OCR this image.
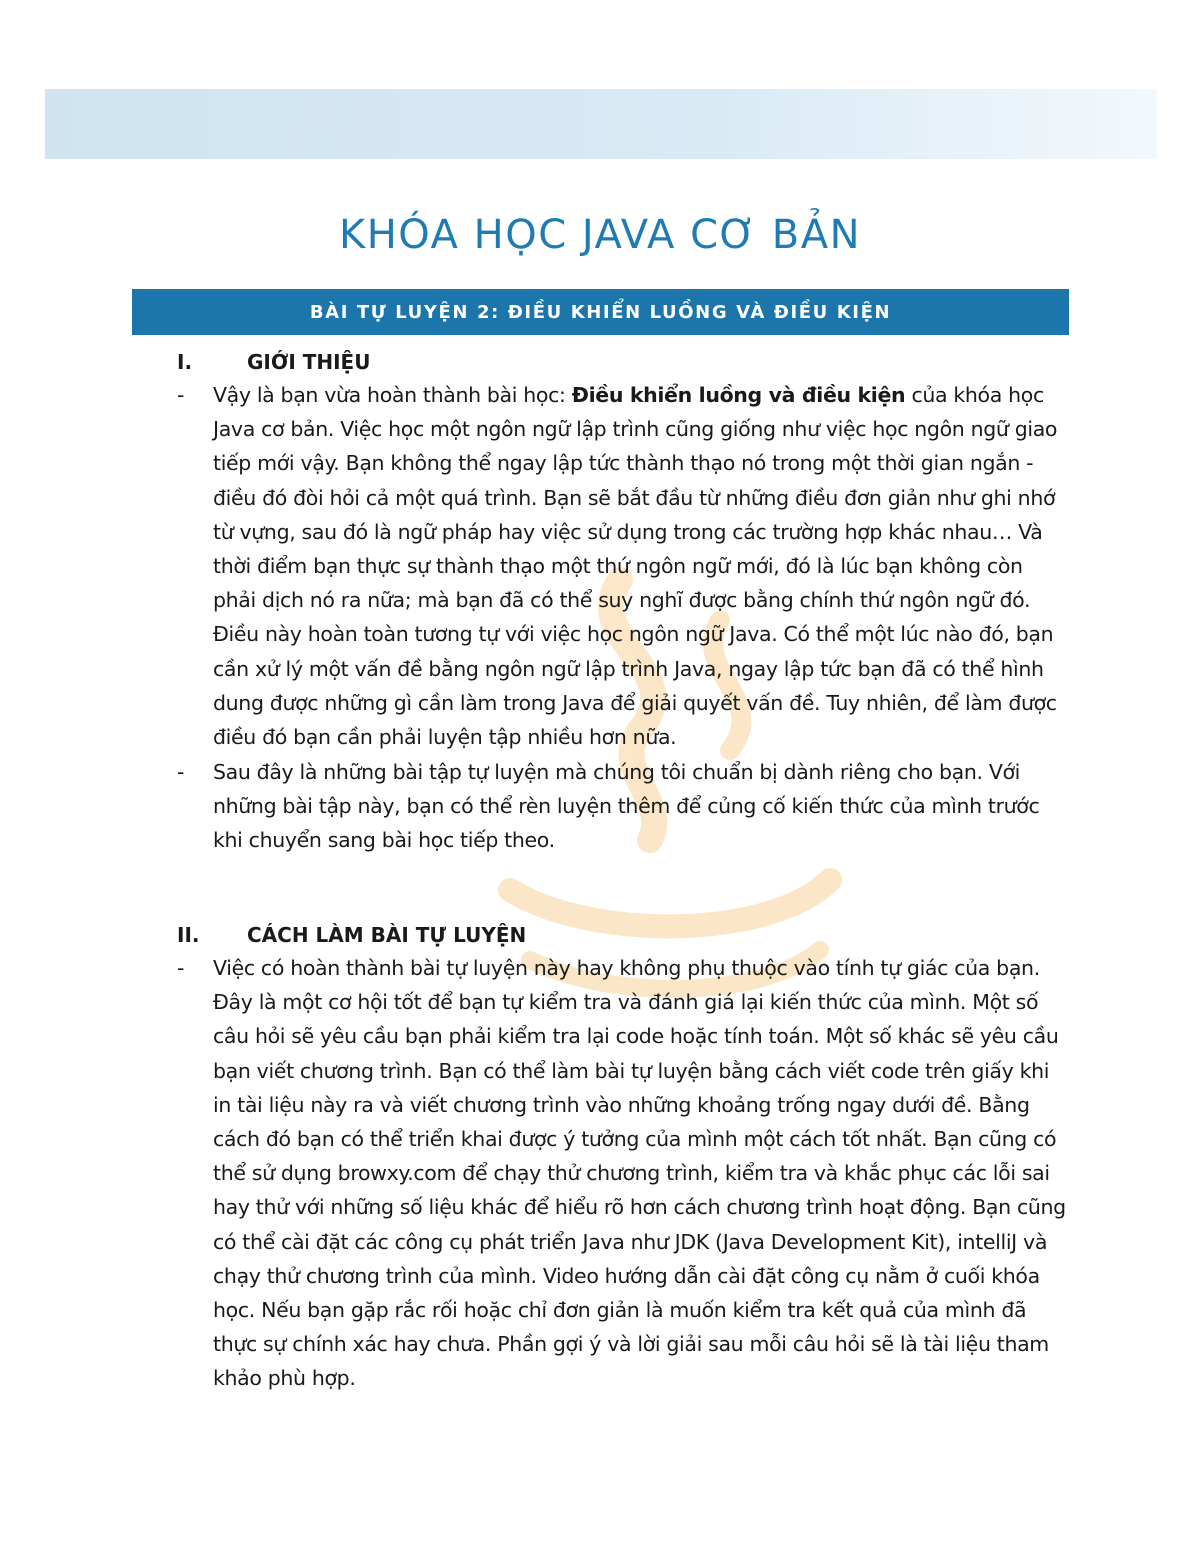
KHÓA HỌC JAVA CƠ BẢN
BÀI TỰ LUYỆN 2: ĐIỀU KHIỂN LUỒNG VÀ ĐIỀU KIỆN
I.	GIỚI THIỆU
- Vậy là bạn vừa hoàn thành bài học: Điều khiển luồng và điều kiện của khóa học Java cơ bản. Việc học một ngôn ngữ lập trình cũng giống như việc học ngôn ngữ giao tiếp mới vậy. Bạn không thể ngay lập tức thành thạo nó trong một thời gian ngắn - điều đó đòi hỏi cả một quá trình. Bạn sẽ bắt đầu từ những điều đơn giản như ghi nhớ từ vựng, sau đó là ngữ pháp hay việc sử dụng trong các trường hợp khác nhau… Và thời điểm bạn thực sự thành thạo một thứ ngôn ngữ mới, đó là lúc bạn không còn phải dịch nó ra nữa; mà bạn đã có thể suy nghĩ được bằng chính thứ ngôn ngữ đó. Điều này hoàn toàn tương tự với việc học ngôn ngữ Java. Có thể một lúc nào đó, bạn cần xử lý một vấn đề bằng ngôn ngữ lập trình Java, ngay lập tức bạn đã có thể hình dung được những gì cần làm trong Java để giải quyết vấn đề. Tuy nhiên, để làm được điều đó bạn cần phải luyện tập nhiều hơn nữa.
- Sau đây là những bài tập tự luyện mà chúng tôi chuẩn bị dành riêng cho bạn. Với những bài tập này, bạn có thể rèn luyện thêm để củng cố kiến thức của mình trước khi chuyển sang bài học tiếp theo.
II. CÁCH LÀM BÀI TỰ LUYỆN
- Việc có hoàn thành bài tự luyện này hay không phụ thuộc vào tính tự giác của bạn. Đây là một cơ hội tốt để bạn tự kiểm tra và đánh giá lại kiến thức của mình. Một số câu hỏi sẽ yêu cầu bạn phải kiểm tra lại code hoặc tính toán. Một số khác sẽ yêu cầu bạn viết chương trình. Bạn có thể làm bài tự luyện bằng cách viết code trên giấy khi in tài liệu này ra và viết chương trình vào những khoảng trống ngay dưới đề. Bằng cách đó bạn có thể triển khai được ý tưởng của mình một cách tốt nhất. Bạn cũng có thể sử dụng browxy.com để chạy thử chương trình, kiểm tra và khắc phục các lỗi sai hay thử với những số liệu khác để hiểu rõ hơn cách chương trình hoạt động. Bạn cũng có thể cài đặt các công cụ phát triển Java như JDK (Java Development Kit), intelliJ và chạy thử chương trình của mình. Video hướng dẫn cài đặt công cụ nằm ở cuối khóa học. Nếu bạn gặp rắc rối hoặc chỉ đơn giản là muốn kiểm tra kết quả của mình đã thực sự chính xác hay chưa. Phần gợi ý và lời giải sau mỗi câu hỏi sẽ là tài liệu tham khảo phù hợp.
